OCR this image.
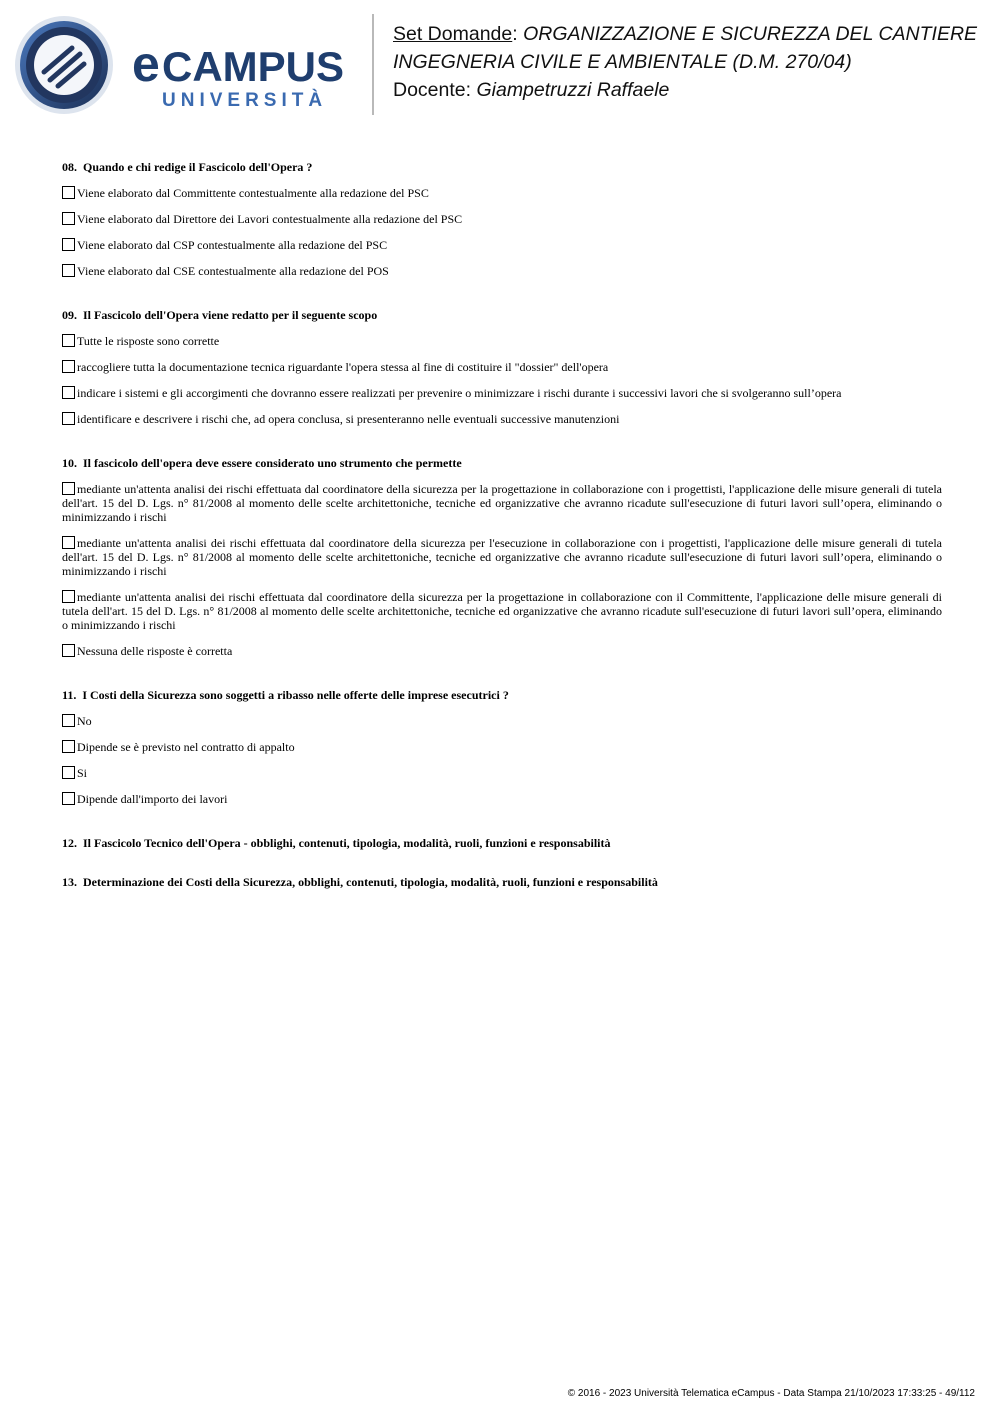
e CAMPUS
UNIVERSITÀ
Set Domande: ORGANIZZAZIONE E SICUREZZA DEL CANTIERE
INGEGNERIA CIVILE E AMBIENTALE (D.M. 270/04)
Docente: Giampetruzzi Raffaele
08. Quando e chi redige il Fascicolo dell'Opera ?
Viene elaborato dal Committente contestualmente alla redazione del PSC
Viene elaborato dal Direttore dei Lavori contestualmente alla redazione del PSC
Viene elaborato dal CSP contestualmente alla redazione del PSC
Viene elaborato dal CSE contestualmente alla redazione del POS
09. Il Fascicolo dell'Opera viene redatto per il seguente scopo
Tutte le risposte sono corrette
raccogliere tutta la documentazione tecnica riguardante l'opera stessa al fine di costituire il "dossier" dell'opera
indicare i sistemi e gli accorgimenti che dovranno essere realizzati per prevenire o minimizzare i rischi durante i successivi lavori che si svolgeranno sull’opera
identificare e descrivere i rischi che, ad opera conclusa, si presenteranno nelle eventuali successive manutenzioni
10. Il fascicolo dell'opera deve essere considerato uno strumento che permette
mediante un'attenta analisi dei rischi effettuata dal coordinatore della sicurezza per la progettazione in collaborazione con i progettisti, l'applicazione delle misure generali di tutela dell'art. 15 del D. Lgs. n° 81/2008 al momento delle scelte architettoniche, tecniche ed organizzative che avranno ricadute sull'esecuzione di futuri lavori sull’opera, eliminando o minimizzando i rischi
mediante un'attenta analisi dei rischi effettuata dal coordinatore della sicurezza per l'esecuzione in collaborazione con i progettisti, l'applicazione delle misure generali di tutela dell'art. 15 del D. Lgs. n° 81/2008 al momento delle scelte architettoniche, tecniche ed organizzative che avranno ricadute sull'esecuzione di futuri lavori sull’opera, eliminando o minimizzando i rischi
mediante un'attenta analisi dei rischi effettuata dal coordinatore della sicurezza per la progettazione in collaborazione con il Committente, l'applicazione delle misure generali di tutela dell'art. 15 del D. Lgs. n° 81/2008 al momento delle scelte architettoniche, tecniche ed organizzative che avranno ricadute sull'esecuzione di futuri lavori sull’opera, eliminando o minimizzando i rischi
Nessuna delle risposte è corretta
11. I Costi della Sicurezza sono soggetti a ribasso nelle offerte delle imprese esecutrici ?
No
Dipende se è previsto nel contratto di appalto
Si
Dipende dall'importo dei lavori
12. Il Fascicolo Tecnico dell'Opera - obblighi, contenuti, tipologia, modalità, ruoli, funzioni e responsabilità
13. Determinazione dei Costi della Sicurezza, obblighi, contenuti, tipologia, modalità, ruoli, funzioni e responsabilità
© 2016 - 2023 Università Telematica eCampus - Data Stampa 21/10/2023 17:33:25 - 49/112
